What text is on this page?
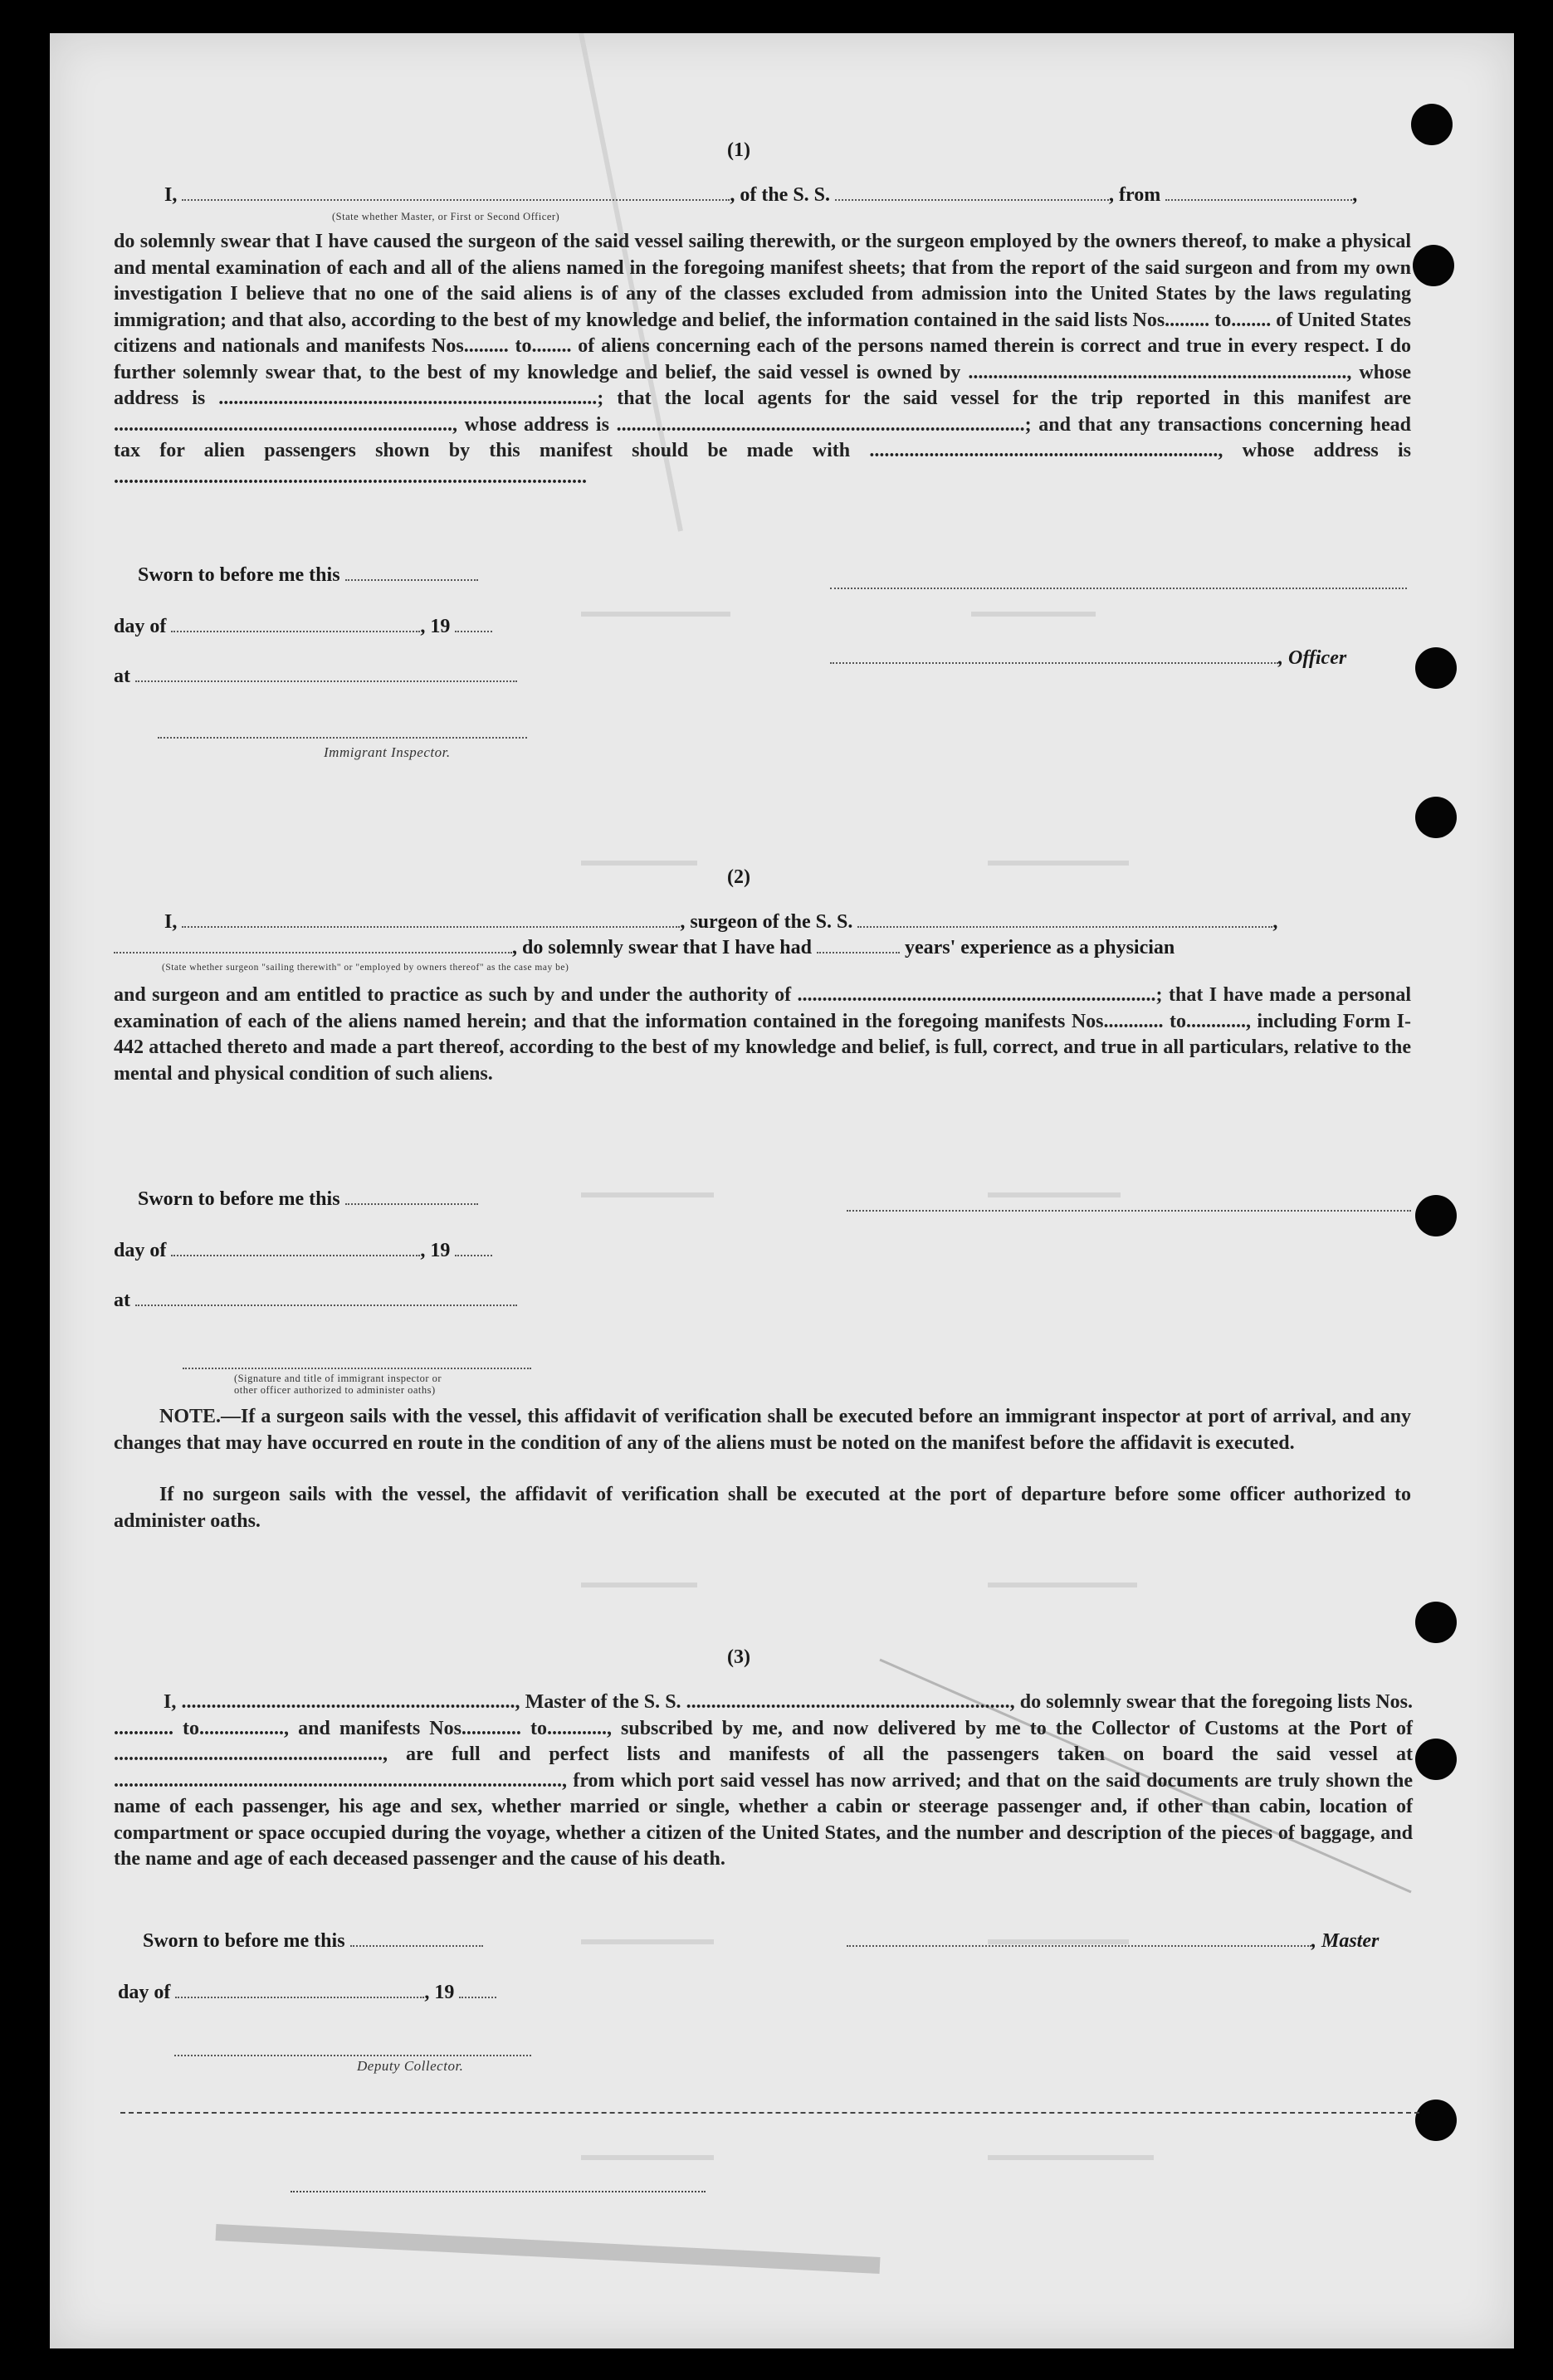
(1)
I,	, of the S. S.	, from	,
(State whether Master, or First or Second Officer)
do solemnly swear that I have caused the surgeon of the said vessel sailing therewith, or the surgeon employed by the owners thereof, to make a physical and mental examination of each and all of the aliens named in the foregoing manifest sheets; that from the report of the said surgeon and from my own investigation I believe that no one of the said aliens is of any of the classes excluded from admission into the United States by the laws regulating immigration; and that also, according to the best of my knowledge and belief, the information contained in the said lists Nos......... to........ of United States citizens and nationals and manifests Nos......... to........ of aliens concerning each of the persons named therein is correct and true in every respect. I do further solemnly swear that, to the best of my knowledge and belief, the said vessel is owned by ............................................................................, whose address is ............................................................................; that the local agents for the said vessel for the trip reported in this manifest are ...................................................................., whose address is ..................................................................................; and that any transactions concerning head tax for alien passengers shown by this manifest should be made with ......................................................................, whose address is ...............................................................................................
Sworn to before me this
day of	, 19
, Officer
at
Immigrant Inspector.
(2)
I,	, surgeon of the S. S.	,
, do solemnly swear that I have had	years' experience as a physician
(State whether surgeon "sailing therewith" or "employed by owners thereof" as the case may be)
and surgeon and am entitled to practice as such by and under the authority of ........................................................................; that I have made a personal examination of each of the aliens named herein; and that the information contained in the foregoing manifests Nos............ to............, including Form I-442 attached thereto and made a part thereof, according to the best of my knowledge and belief, is full, correct, and true in all particulars, relative to the mental and physical condition of such aliens.
Sworn to before me this
day of	, 19
at
(Signature and title of immigrant inspector or
other officer authorized to administer oaths)
NOTE.—If a surgeon sails with the vessel, this affidavit of verification shall be executed before an immigrant inspector at port of arrival, and any changes that may have occurred en route in the condition of any of the aliens must be noted on the manifest before the affidavit is executed.
If no surgeon sails with the vessel, the affidavit of verification shall be executed at the port of departure before some officer authorized to administer oaths.
(3)
I, ..................................................................., Master of the S. S. ................................................................., do solemnly swear that the foregoing lists Nos. ............ to................., and manifests Nos............ to............, subscribed by me, and now delivered by me to the Collector of Customs at the Port of ......................................................, are full and perfect lists and manifests of all the passengers taken on board the said vessel at .........................................................................................., from which port said vessel has now arrived; and that on the said documents are truly shown the name of each passenger, his age and sex, whether married or single, whether a cabin or steerage passenger and, if other than cabin, location of compartment or space occupied during the voyage, whether a citizen of the United States, and the number and description of the pieces of baggage, and the name and age of each deceased passenger and the cause of his death.
Sworn to before me this	, Master
day of	, 19
Deputy Collector.
